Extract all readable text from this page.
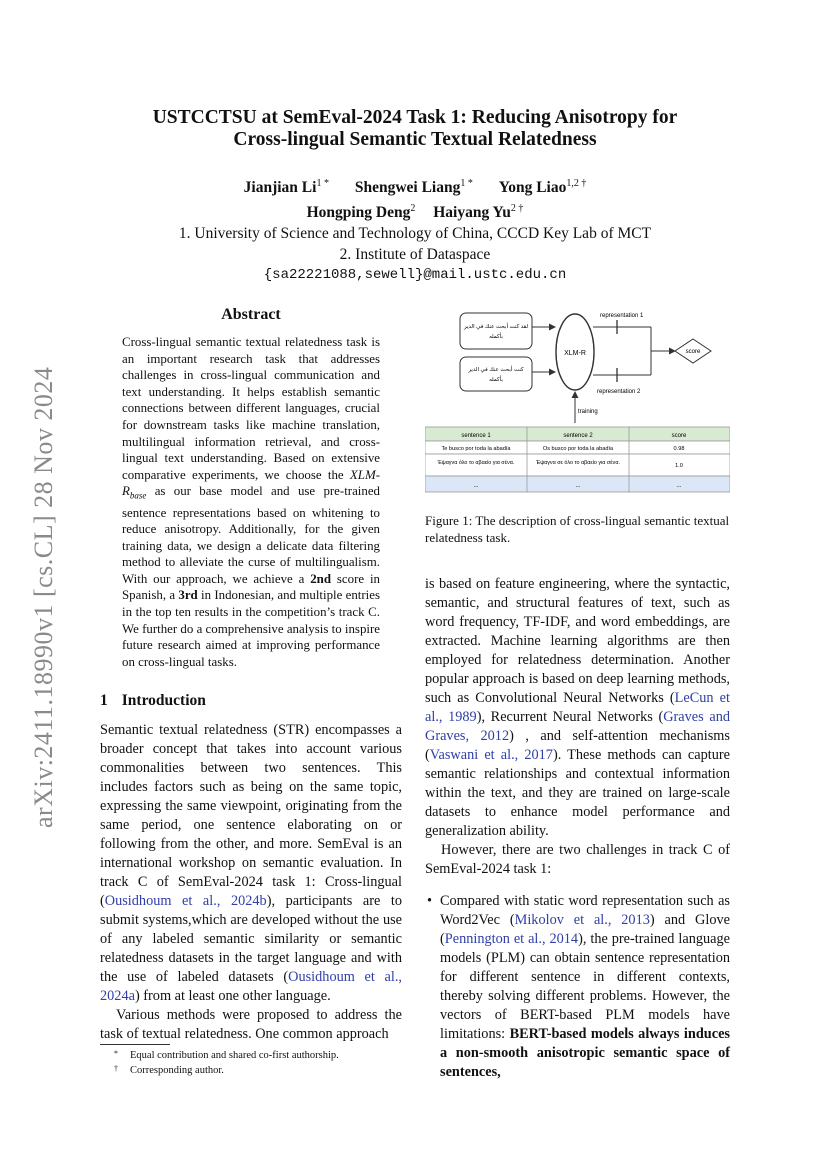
arXiv:2411.18990v1 [cs.CL] 28 Nov 2024
USTCCTSU at SemEval-2024 Task 1: Reducing Anisotropy for
Cross-lingual Semantic Textual Relatedness
Jianjian $Li^{1 *}$ Shengwei Liang$^{1 *}$ Yong Liao$^{1,2 \dagger}$
Hongping Deng$^2$ Haiyang $Yu^{2 \dagger}$
1. University of Science and Technology of China, CCCD Key Lab of MCT
2. Institute of Dataspace
{sa22221088,sewell}@mail.ustc.edu.cn
Abstract
Cross-lingual semantic textual relatedness task is an important research task that addresses challenges in cross-lingual communication and text understanding. It helps establish semantic connections between different languages, crucial for downstream tasks like machine translation, multilingual information retrieval, and cross-lingual text understanding. Based on extensive comparative experiments, we choose the XLM-$R_{base}$ as our base model and use pre-trained sentence representations based on whitening to reduce anisotropy. Additionally, for the given training data, we design a delicate data filtering method to alleviate the curse of multilingualism. With our approach, we achieve a 2nd score in Spanish, a 3rd in Indonesian, and multiple entries in the top ten results in the competition’s track C. We further do a comprehensive analysis to inspire future research aimed at improving performance on cross-lingual tasks.
1 Introduction

Semantic textual relatedness (STR) encompasses a broader concept that takes into account various commonalities between two sentences. This includes factors such as being on the same topic, expressing the same viewpoint, originating from the same period, one sentence elaborating on or following from the other, and more. SemEval is an international workshop on semantic evaluation. In track C of SemEval-2024 task 1: Cross-lingual (Ousidhoum et al., 2024b), participants are to submit systems,which are developed without the use of any labeled semantic similarity or semantic relatedness datasets in the target language and with the use of labeled datasets (Ousidhoum et al., 2024a) from at least one other language.

Various methods were proposed to address the task of textual relatedness. One common approach

* Equal contribution and shared co-first authorship.
† Corresponding author.
لقد كنت أبحث عنك في الدير
بأكمله
كنت أبحث عنك في الدير
بأكمله
XLM-R
representation 1
representation 2
score
training
sentence 1	sentence 2	score
Te busco por toda la abadía	Os busco por toda la abadía	0.98
Έψαγνα όλο το αβαείο για σένα.	Έψαγνα σε όλο το αβαείο για σένα.	1.0
...	...	...
Figure 1: The description of cross-lingual semantic textual relatedness task.

is based on feature engineering, where the syntactic, semantic, and structural features of text, such as word frequency, TF-IDF, and word embeddings, are extracted. Machine learning algorithms are then employed for relatedness determination. Another popular approach is based on deep learning methods, such as Convolutional Neural Networks (LeCun et al., 1989), Recurrent Neural Networks (Graves and Graves, 2012) , and self-attention mechanisms (Vaswani et al., 2017). These methods can capture semantic relationships and contextual information within the text, and they are trained on large-scale datasets to enhance model performance and generalization ability.

However, there are two challenges in track C of SemEval-2024 task 1:

• Compared with static word representation such as Word2Vec (Mikolov et al., 2013) and Glove (Pennington et al., 2014), the pre-trained language models (PLM) can obtain sentence representation for different sentence in different contexts, thereby solving different problems. However, the vectors of BERT-based PLM models have limitations: BERT-based models always induces a non-smooth anisotropic semantic space of sentences,
